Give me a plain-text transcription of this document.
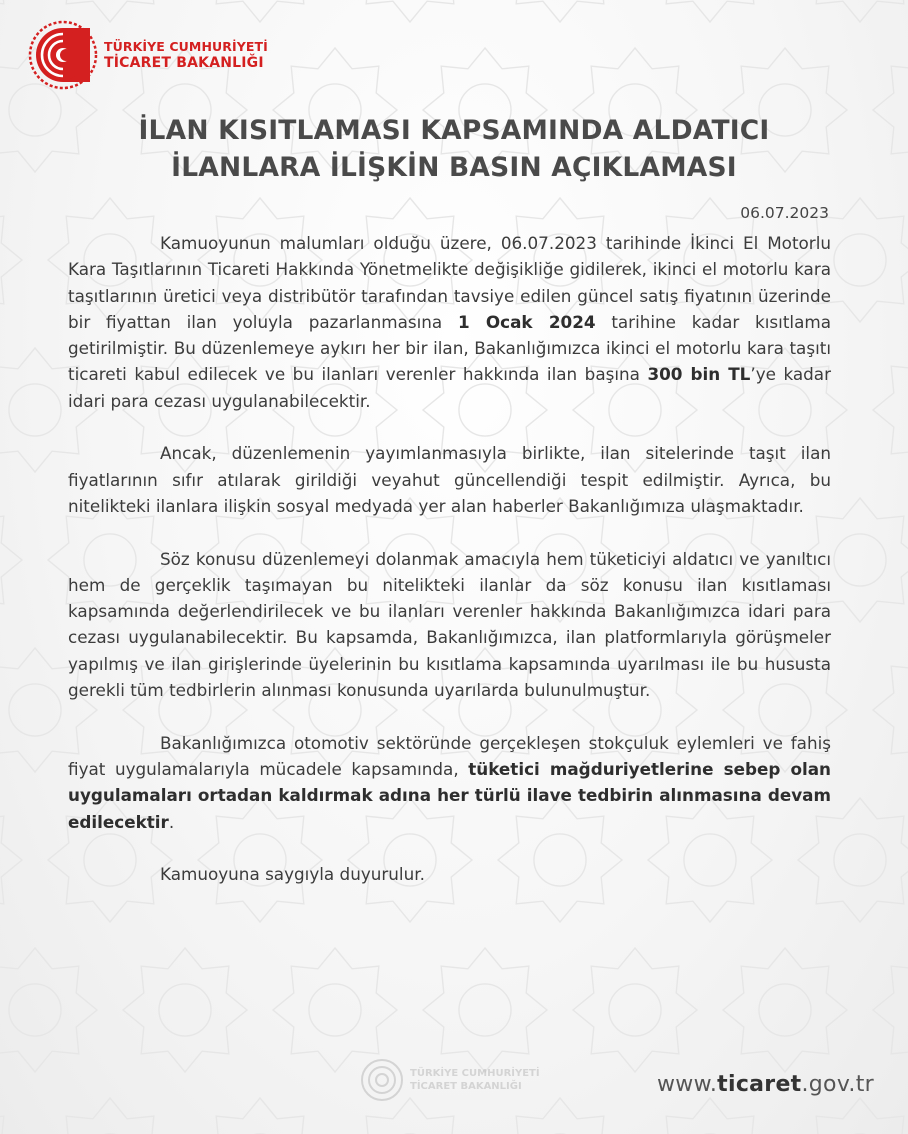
TÜRKİYE CUMHURİYETİ
TİCARET BAKANLIĞI
İLAN KISITLAMASI KAPSAMINDA ALDATICI
İLANLARA İLİŞKİN BASIN AÇIKLAMASI
06.07.2023

Kamuoyunun malumları olduğu üzere, 06.07.2023 tarihinde İkinci El Motorlu Kara Taşıtlarının Ticareti Hakkında Yönetmelikte değişikliğe gidilerek, ikinci el motorlu kara taşıtlarının üretici veya distribütör tarafından tavsiye edilen güncel satış fiyatının üzerinde bir fiyattan ilan yoluyla pazarlanmasına 1 Ocak 2024 tarihine kadar kısıtlama getirilmiştir. Bu düzenlemeye aykırı her bir ilan, Bakanlığımızca ikinci el motorlu kara taşıtı ticareti kabul edilecek ve bu ilanları verenler hakkında ilan başına 300 bin TL’ye kadar idari para cezası uygulanabilecektir.

Ancak, düzenlemenin yayımlanmasıyla birlikte, ilan sitelerinde taşıt ilan fiyatlarının sıfır atılarak girildiği veyahut güncellendiği tespit edilmiştir. Ayrıca, bu nitelikteki ilanlara ilişkin sosyal medyada yer alan haberler Bakanlığımıza ulaşmaktadır.

Söz konusu düzenlemeyi dolanmak amacıyla hem tüketiciyi aldatıcı ve yanıltıcı hem de gerçeklik taşımayan bu nitelikteki ilanlar da söz konusu ilan kısıtlaması kapsamında değerlendirilecek ve bu ilanları verenler hakkında Bakanlığımızca idari para cezası uygulanabilecektir. Bu kapsamda, Bakanlığımızca, ilan platformlarıyla görüşmeler yapılmış ve ilan girişlerinde üyelerinin bu kısıtlama kapsamında uyarılması ile bu hususta gerekli tüm tedbirlerin alınması konusunda uyarılarda bulunulmuştur.

Bakanlığımızca otomotiv sektöründe gerçekleşen stokçuluk eylemleri ve fahiş fiyat uygulamalarıyla mücadele kapsamında, tüketici mağduriyetlerine sebep olan uygulamaları ortadan kaldırmak adına her türlü ilave tedbirin alınmasına devam edilecektir.

Kamuoyuna saygıyla duyurulur.

TÜRKİYE CUMHURİYETİ
TİCARET BAKANLIĞI	www.ticaret.gov.tr
